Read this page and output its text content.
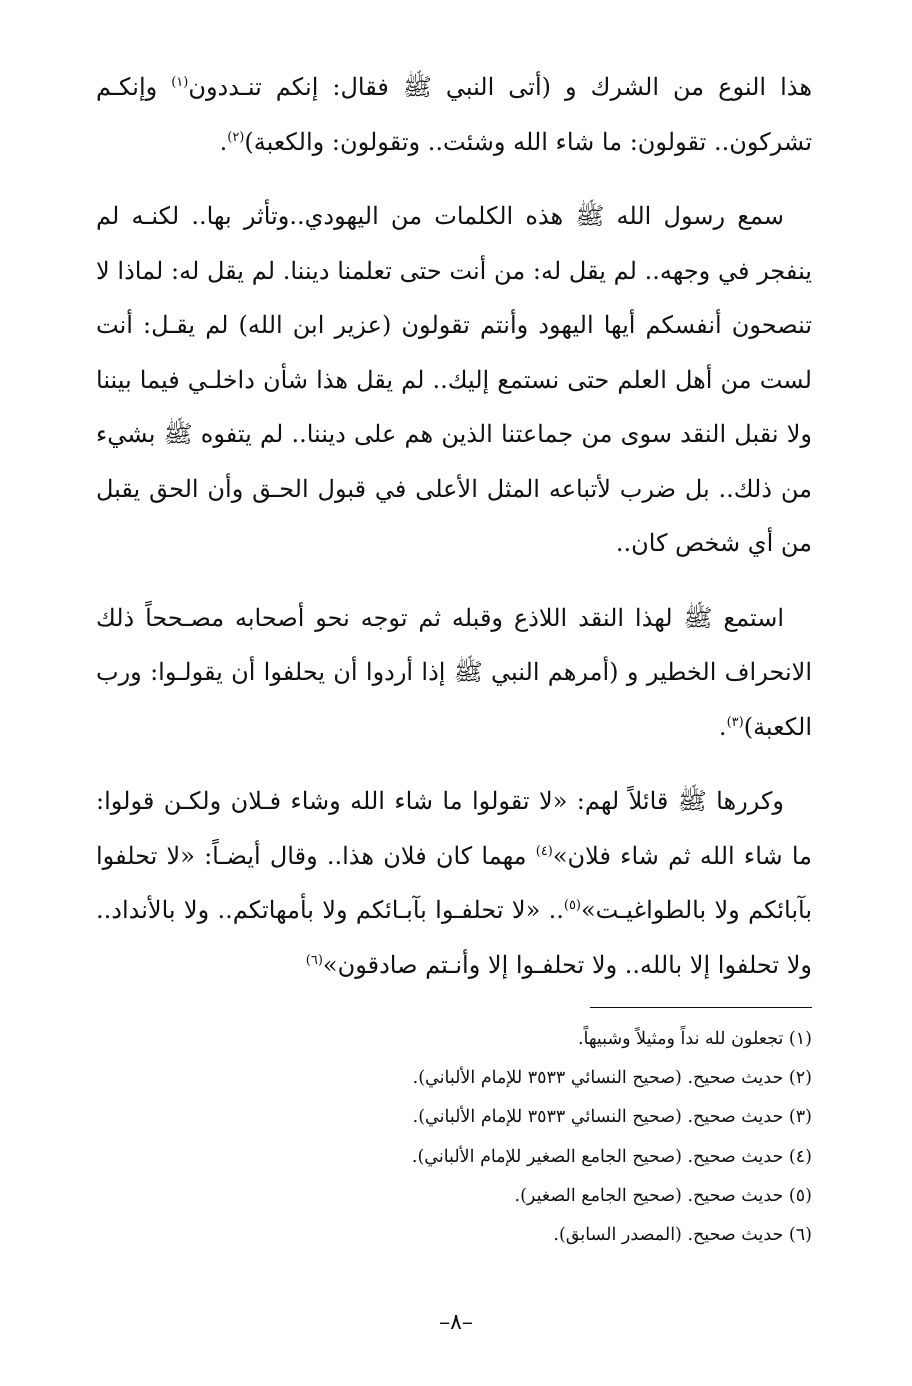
هذا النوع من الشرك و (أتى النبي ﷺ فقال: إنكم تنـددون$^{(١)}$ وإنكـم تشركون.. تقولون: ما شاء الله وشئت.. وتقولون: والكعبة)$^{(٢)}$.

سمع رسول الله ﷺ هذه الكلمات من اليهودي..وتأثر بها.. لكنـه لم ينفجر في وجهه.. لم يقل له: من أنت حتى تعلمنا ديننا. لم يقل له: لماذا لا تنصحون أنفسكم أيها اليهود وأنتم تقولون (عزير ابن الله) لم يقـل: أنت لست من أهل العلم حتى نستمع إليك.. لم يقل هذا شأن داخلـي فيما بيننا ولا نقبل النقد سوى من جماعتنا الذين هم على ديننا.. لم يتفوه ﷺ بشيء من ذلك.. بل ضرب لأتباعه المثل الأعلى في قبول الحـق وأن الحق يقبل من أي شخص كان..

استمع ﷺ لهذا النقد اللاذع وقبله ثم توجه نحو أصحابه مصـححاً ذلك الانحراف الخطير و (أمرهم النبي ﷺ إذا أردوا أن يحلفوا أن يقولـوا: ورب الكعبة)$^{(٣)}$.

وكررها ﷺ قائلاً لهم: «لا تقولوا ما شاء الله وشاء فـلان ولكـن قولوا: ما شاء الله ثم شاء فلان»$^{(٤)}$ مهما كان فلان هذا.. وقال أيضـاً: «لا تحلفوا بآبائكم ولا بالطواغيـت»$^{(٥)}$.. «لا تحلفـوا بآبـائكم ولا بأمهاتكم.. ولا بالأنداد.. ولا تحلفوا إلا بالله.. ولا تحلفـوا إلا وأنـتم صادقون»$^{(٦)}$

(١) تجعلون لله نداً ومثيلاً وشبيهاً.
(٢) حديث صحيح. (صحيح النسائي ٣٥٣٣ للإمام الألباني).
(٣) حديث صحيح. (صحيح النسائي ٣٥٣٣ للإمام الألباني).
(٤) حديث صحيح. (صحيح الجامع الصغير للإمام الألباني).
(٥) حديث صحيح. (صحيح الجامع الصغير).
(٦) حديث صحيح. (المصدر السابق).
–٨–
